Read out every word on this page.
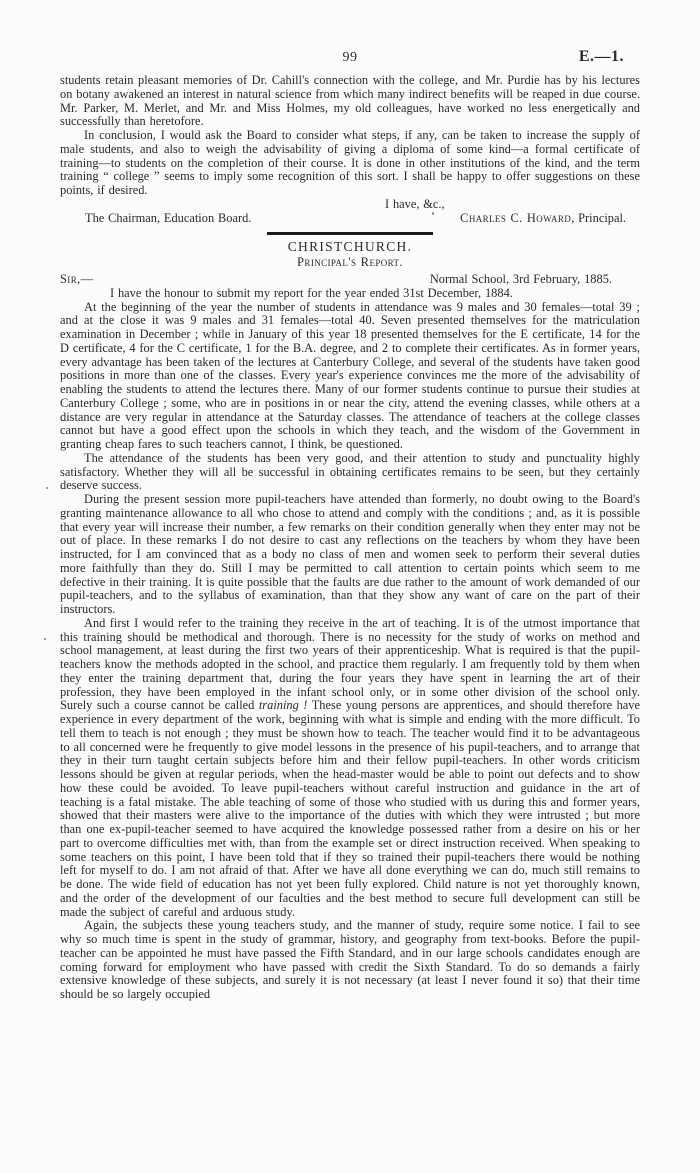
99	E.—1.

students retain pleasant memories of Dr. Cahill's connection with the college, and Mr. Purdie has by his lectures on botany awakened an interest in natural science from which many indirect benefits will be reaped in due course. Mr. Parker, M. Merlet, and Mr. and Miss Holmes, my old colleagues, have worked no less energetically and successfully than heretofore.

In conclusion, I would ask the Board to consider what steps, if any, can be taken to increase the supply of male students, and also to weigh the advisability of giving a diploma of some kind—a formal certificate of training—to students on the completion of their course. It is done in other institutions of the kind, and the term training “ college ” seems to imply some recognition of this sort. I shall be happy to offer suggestions on these points, if desired.

I have, &c.,
The Chairman, Education Board.	Charles C. Howard, Principal.
CHRISTCHURCH.
Principal's Report.
Sir,—	Normal School, 3rd February, 1885.

I have the honour to submit my report for the year ended 31st December, 1884.

At the beginning of the year the number of students in attendance was 9 males and 30 females—total 39 ; and at the close it was 9 males and 31 females—total 40. Seven presented themselves for the matriculation examination in December ; while in January of this year 18 presented themselves for the E certificate, 14 for the D certificate, 4 for the C certificate, 1 for the B.A. degree, and 2 to complete their certificates. As in former years, every advantage has been taken of the lectures at Canterbury College, and several of the students have taken good positions in more than one of the classes. Every year's experience convinces me the more of the advisability of enabling the students to attend the lectures there. Many of our former students continue to pursue their studies at Canterbury College ; some, who are in positions in or near the city, attend the evening classes, while others at a distance are very regular in attendance at the Saturday classes. The attendance of teachers at the college classes cannot but have a good effect upon the schools in which they teach, and the wisdom of the Government in granting cheap fares to such teachers cannot, I think, be questioned.

The attendance of the students has been very good, and their attention to study and punctuality highly satisfactory. Whether they will all be successful in obtaining certificates remains to be seen, but they certainly deserve success.

During the present session more pupil-teachers have attended than formerly, no doubt owing to the Board's granting maintenance allowance to all who chose to attend and comply with the conditions ; and, as it is possible that every year will increase their number, a few remarks on their condition generally when they enter may not be out of place. In these remarks I do not desire to cast any reflections on the teachers by whom they have been instructed, for I am convinced that as a body no class of men and women seek to perform their several duties more faithfully than they do. Still I may be permitted to call attention to certain points which seem to me defective in their training. It is quite possible that the faults are due rather to the amount of work demanded of our pupil-teachers, and to the syllabus of examination, than that they show any want of care on the part of their instructors.

And first I would refer to the training they receive in the art of teaching. It is of the utmost importance that this training should be methodical and thorough. There is no necessity for the study of works on method and school management, at least during the first two years of their apprenticeship. What is required is that the pupil-teachers know the methods adopted in the school, and practice them regularly. I am frequently told by them when they enter the training department that, during the four years they have spent in learning the art of their profession, they have been employed in the infant school only, or in some other division of the school only. Surely such a course cannot be called training ! These young persons are apprentices, and should therefore have experience in every department of the work, beginning with what is simple and ending with the more difficult. To tell them to teach is not enough ; they must be shown how to teach. The teacher would find it to be advantageous to all concerned were he frequently to give model lessons in the presence of his pupil-teachers, and to arrange that they in their turn taught certain subjects before him and their fellow pupil-teachers. In other words criticism lessons should be given at regular periods, when the head-master would be able to point out defects and to show how these could be avoided. To leave pupil-teachers without careful instruction and guidance in the art of teaching is a fatal mistake. The able teaching of some of those who studied with us during this and former years, showed that their masters were alive to the importance of the duties with which they were intrusted ; but more than one ex-pupil-teacher seemed to have acquired the knowledge possessed rather from a desire on his or her part to overcome difficulties met with, than from the example set or direct instruction received. When speaking to some teachers on this point, I have been told that if they so trained their pupil-teachers there would be nothing left for myself to do. I am not afraid of that. After we have all done everything we can do, much still remains to be done. The wide field of education has not yet been fully explored. Child nature is not yet thoroughly known, and the order of the development of our faculties and the best method to secure full development can still be made the subject of careful and arduous study.

Again, the subjects these young teachers study, and the manner of study, require some notice. I fail to see why so much time is spent in the study of grammar, history, and geography from text-books. Before the pupil-teacher can be appointed he must have passed the Fifth Standard, and in our large schools candidates enough are coming forward for employment who have passed with credit the Sixth Standard. To do so demands a fairly extensive knowledge of these subjects, and surely it is not necessary (at least I never found it so) that their time should be so largely occupied
